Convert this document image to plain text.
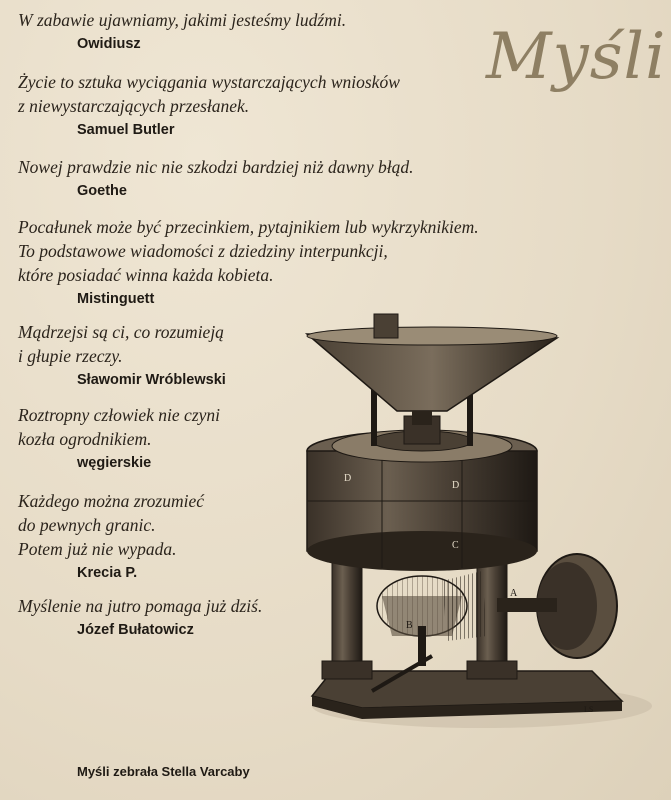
Myśli
W zabawie ujawniamy, jakimi jesteśmy ludźmi.
Owidiusz
Życie to sztuka wyciągania wystarczających wniosków
z niewystarczających przesłanek.
Samuel Butler
Nowej prawdzie nic nie szkodzi bardziej niż dawny błąd.
Goethe
Pocałunek może być przecinkiem, pytajnikiem lub wykrzyknikiem.
To podstawowe wiadomości z dziedziny interpunkcji,
które posiadać winna każda kobieta.
Mistinguett
Mądrzejsi są ci, co rozumieją
i głupie rzeczy.
Sławomir Wróblewski
Roztropny człowiek nie czyni
kozła ogrodnikiem.
węgierskie
Każdego można zrozumieć
do pewnych granic.
Potem już nie wypada.
Krecia P.
Myślenie na jutro pomaga już dziś.
Józef Bułatowicz
D
D
C
B
A
LS
Myśli zebrała Stella Varcaby
